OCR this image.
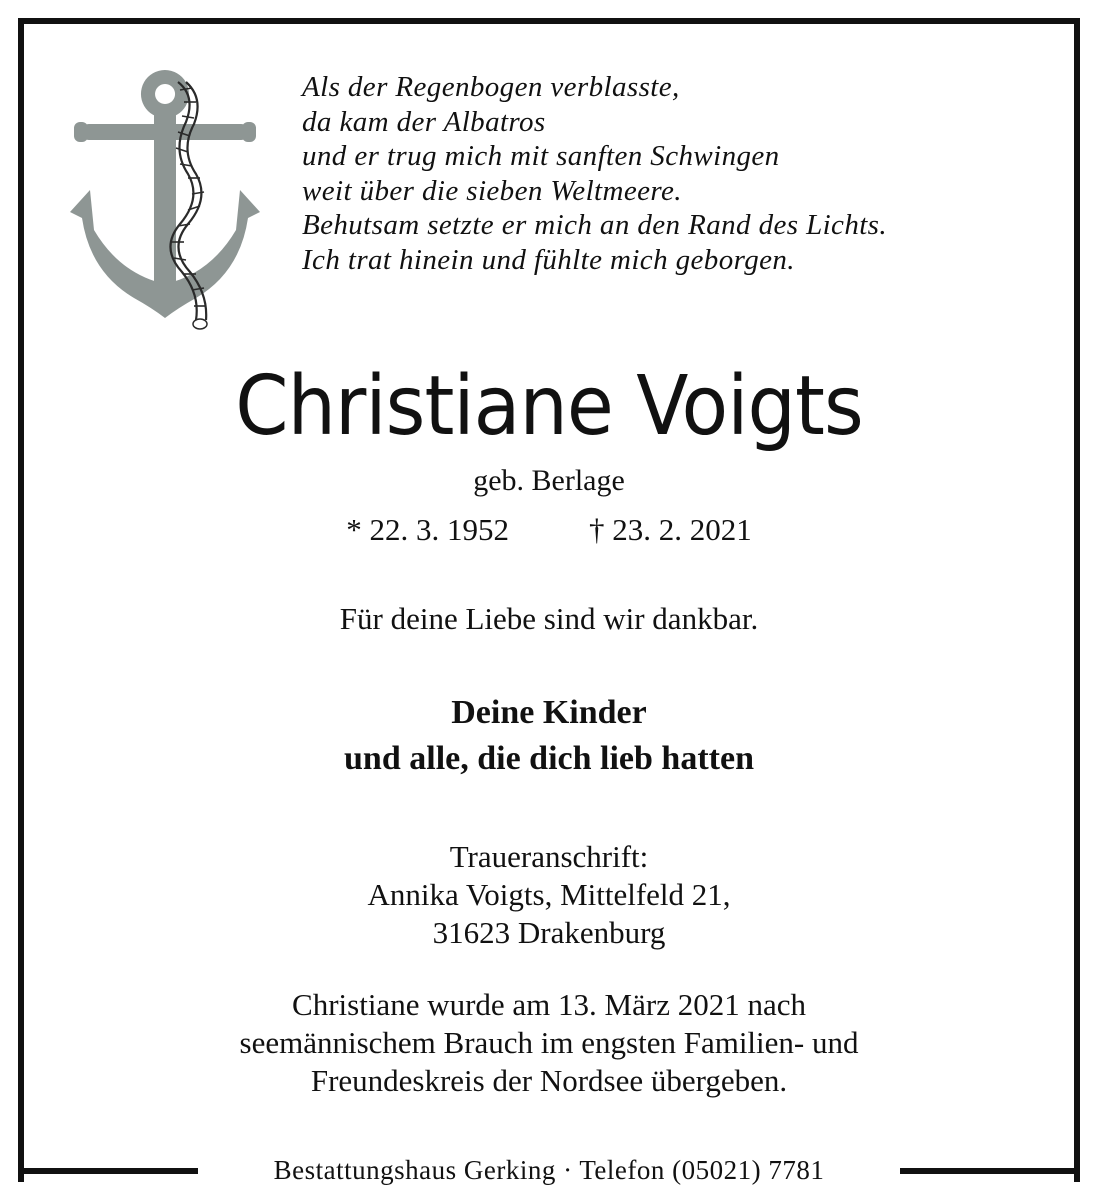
Als der Regenbogen verblasste,
da kam der Albatros
und er trug mich mit sanften Schwingen
weit über die sieben Weltmeere.
Behutsam setzte er mich an den Rand des Lichts.
Ich trat hinein und fühlte mich geborgen.
Christiane Voigts
geb. Berlage
* 22. 3. 1952	† 23. 2. 2021
Für deine Liebe sind wir dankbar.
Deine Kinder
und alle, die dich lieb hatten
Traueranschrift:
Annika Voigts, Mittelfeld 21,
31623 Drakenburg
Christiane wurde am 13. März 2021 nach
seemännischem Brauch im engsten Familien- und
Freundeskreis der Nordsee übergeben.
Bestattungshaus Gerking · Telefon (05021) 7781
